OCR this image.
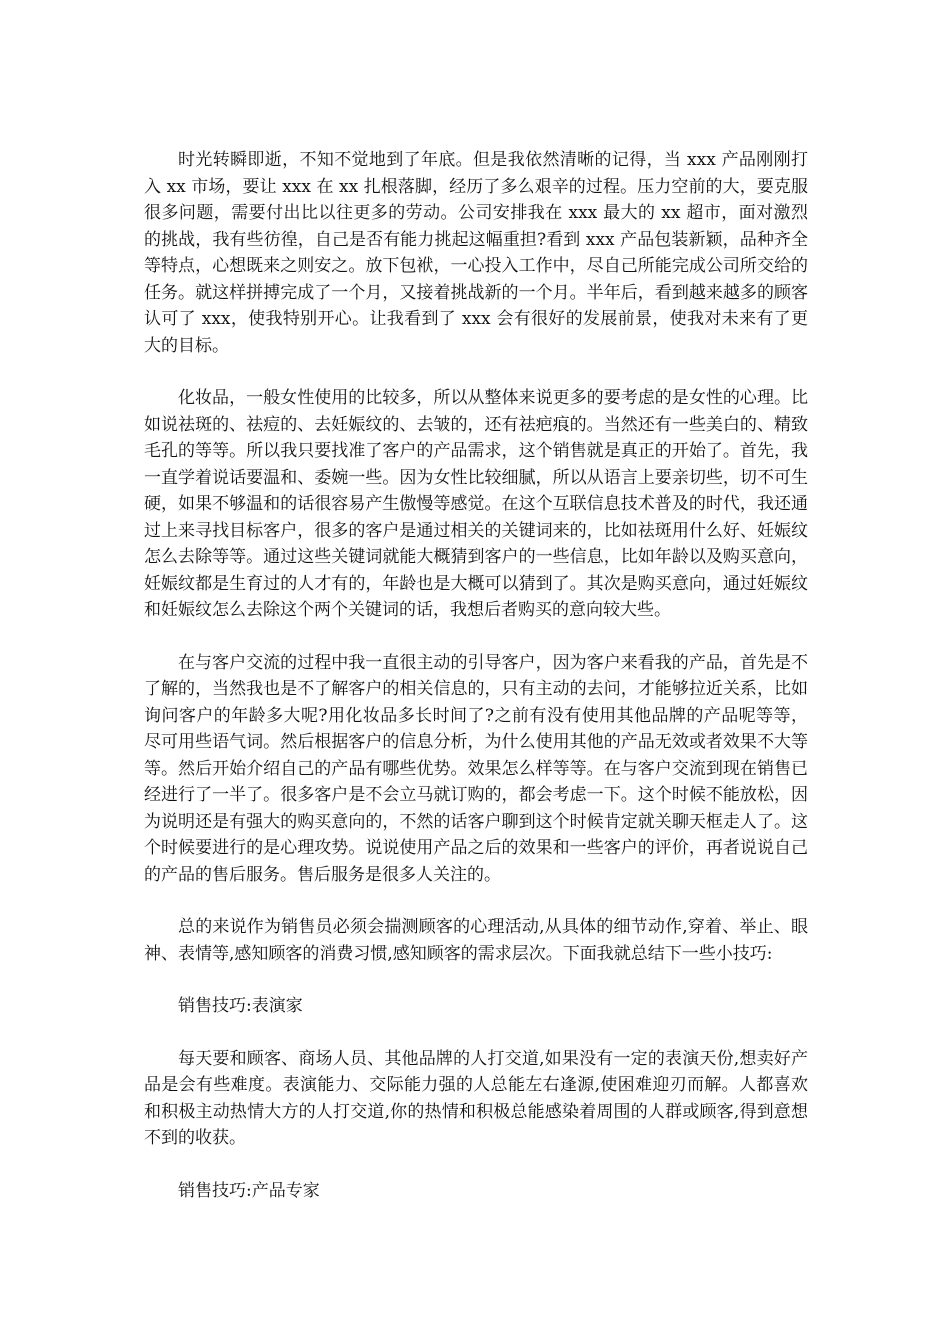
时光转瞬即逝，不知不觉地到了年底。但是我依然清晰的记得，当 xxx 产品刚刚打入 xx 市场，要让 xxx 在 xx 扎根落脚，经历了多么艰辛的过程。压力空前的大，要克服很多问题，需要付出比以往更多的劳动。公司安排我在 xxx 最大的 xx 超市，面对激烈的挑战，我有些彷徨，自己是否有能力挑起这幅重担?看到 xxx 产品包装新颖，品种齐全等特点，心想既来之则安之。放下包袱，一心投入工作中，尽自己所能完成公司所交给的任务。就这样拼搏完成了一个月，又接着挑战新的一个月。半年后，看到越来越多的顾客认可了 xxx，使我特别开心。让我看到了 xxx 会有很好的发展前景，使我对未来有了更大的目标。

化妆品，一般女性使用的比较多，所以从整体来说更多的要考虑的是女性的心理。比如说祛斑的、祛痘的、去妊娠纹的、去皱的，还有祛疤痕的。当然还有一些美白的、精致毛孔的等等。所以我只要找准了客户的产品需求，这个销售就是真正的开始了。首先，我一直学着说话要温和、委婉一些。因为女性比较细腻，所以从语言上要亲切些，切不可生硬，如果不够温和的话很容易产生傲慢等感觉。在这个互联信息技术普及的时代，我还通过上来寻找目标客户，很多的客户是通过相关的关键词来的，比如祛斑用什么好、妊娠纹怎么去除等等。通过这些关键词就能大概猜到客户的一些信息，比如年龄以及购买意向，妊娠纹都是生育过的人才有的，年龄也是大概可以猜到了。其次是购买意向，通过妊娠纹和妊娠纹怎么去除这个两个关键词的话，我想后者购买的意向较大些。

在与客户交流的过程中我一直很主动的引导客户，因为客户来看我的产品，首先是不了解的，当然我也是不了解客户的相关信息的，只有主动的去问，才能够拉近关系，比如询问客户的年龄多大呢?用化妆品多长时间了?之前有没有使用其他品牌的产品呢等等，尽可用些语气词。然后根据客户的信息分析，为什么使用其他的产品无效或者效果不大等等。然后开始介绍自己的产品有哪些优势。效果怎么样等等。在与客户交流到现在销售已经进行了一半了。很多客户是不会立马就订购的，都会考虑一下。这个时候不能放松，因为说明还是有强大的购买意向的，不然的话客户聊到这个时候肯定就关聊天框走人了。这个时候要进行的是心理攻势。说说使用产品之后的效果和一些客户的评价，再者说说自己的产品的售后服务。售后服务是很多人关注的。

总的来说作为销售员必须会揣测顾客的心理活动,从具体的细节动作,穿着、举止、眼神、表情等,感知顾客的消费习惯,感知顾客的需求层次。下面我就总结下一些小技巧:

销售技巧:表演家

每天要和顾客、商场人员、其他品牌的人打交道,如果没有一定的表演天份,想卖好产品是会有些难度。表演能力、交际能力强的人总能左右逢源,使困难迎刃而解。人都喜欢和积极主动热情大方的人打交道,你的热情和积极总能感染着周围的人群或顾客,得到意想不到的收获。

销售技巧:产品专家
